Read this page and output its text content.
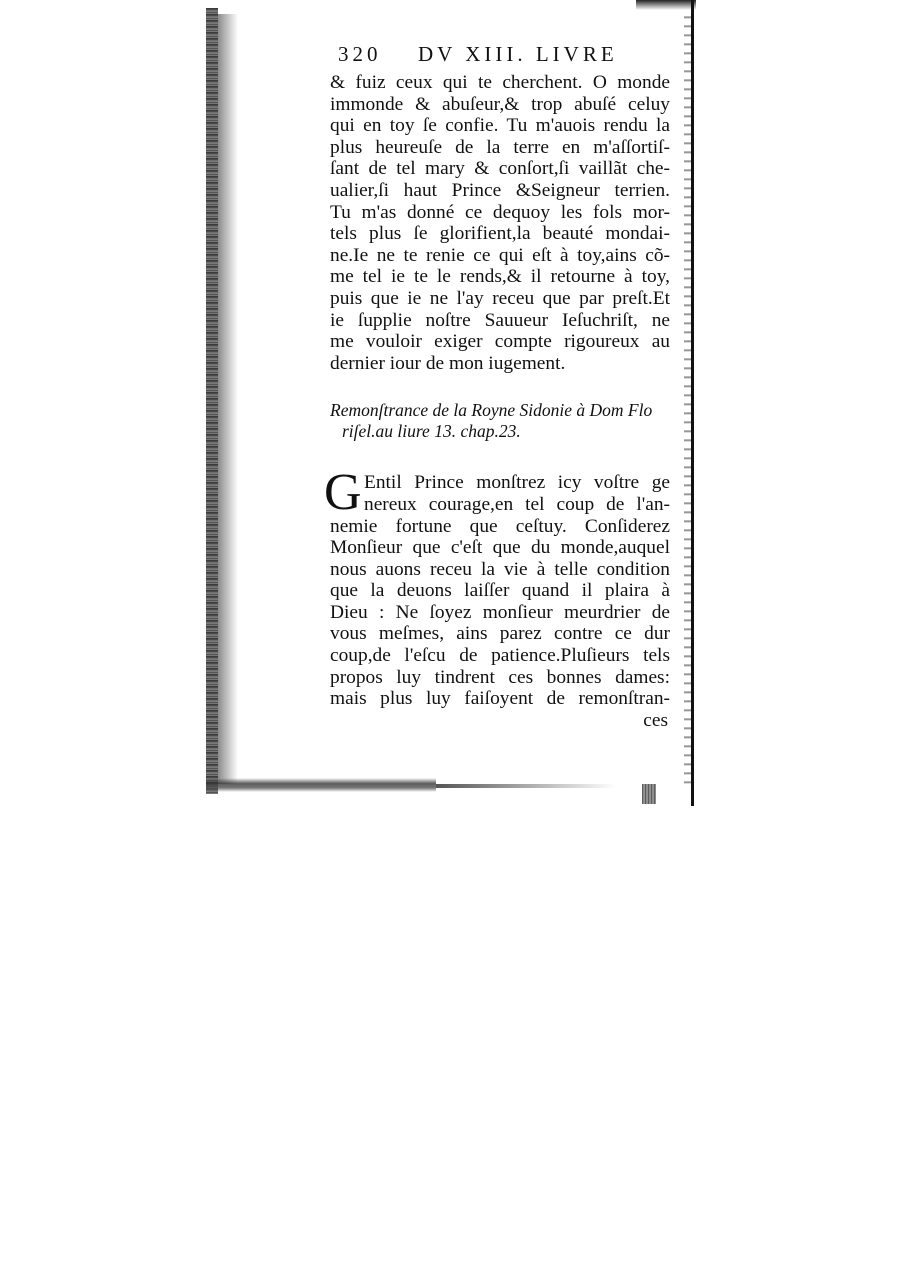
320 DV XIII. LIVRE
& fuiz ceux qui te cherchent. O monde
immonde & abuſeur,& trop abuſé celuy
qui en toy ſe confie. Tu m'auois rendu la
plus heureuſe de la terre en m'aſſortiſ-
ſant de tel mary & conſort,ſi vaillãt che-
ualier,ſi haut Prince &Seigneur terrien.
Tu m'as donné ce dequoy les fols mor-
tels plus ſe glorifient,la beauté mondai-
ne.Ie ne te renie ce qui eſt à toy,ains cõ-
me tel ie te le rends,& il retourne à toy,
puis que ie ne l'ay receu que par preſt.Et
ie ſupplie noſtre Sauueur Ieſuchriſt, ne
me vouloir exiger compte rigoureux au
dernier iour de mon iugement.
Remonſtrance de la Royne Sidonie à Dom Flo
riſel.au liure 13. chap.23.
G Entil Prince monſtrez icy voſtre ge
nereux courage,en tel coup de l'an-
nemie fortune que ceſtuy. Conſiderez
Monſieur que c'eſt que du monde,auquel
nous auons receu la vie à telle condition
que la deuons laiſſer quand il plaira à
Dieu : Ne ſoyez monſieur meurdrier de
vous meſmes, ains parez contre ce dur
coup,de l'eſcu de patience.Pluſieurs tels
propos luy tindrent ces bonnes dames:
mais plus luy faiſoyent de remonſtran-
ces
